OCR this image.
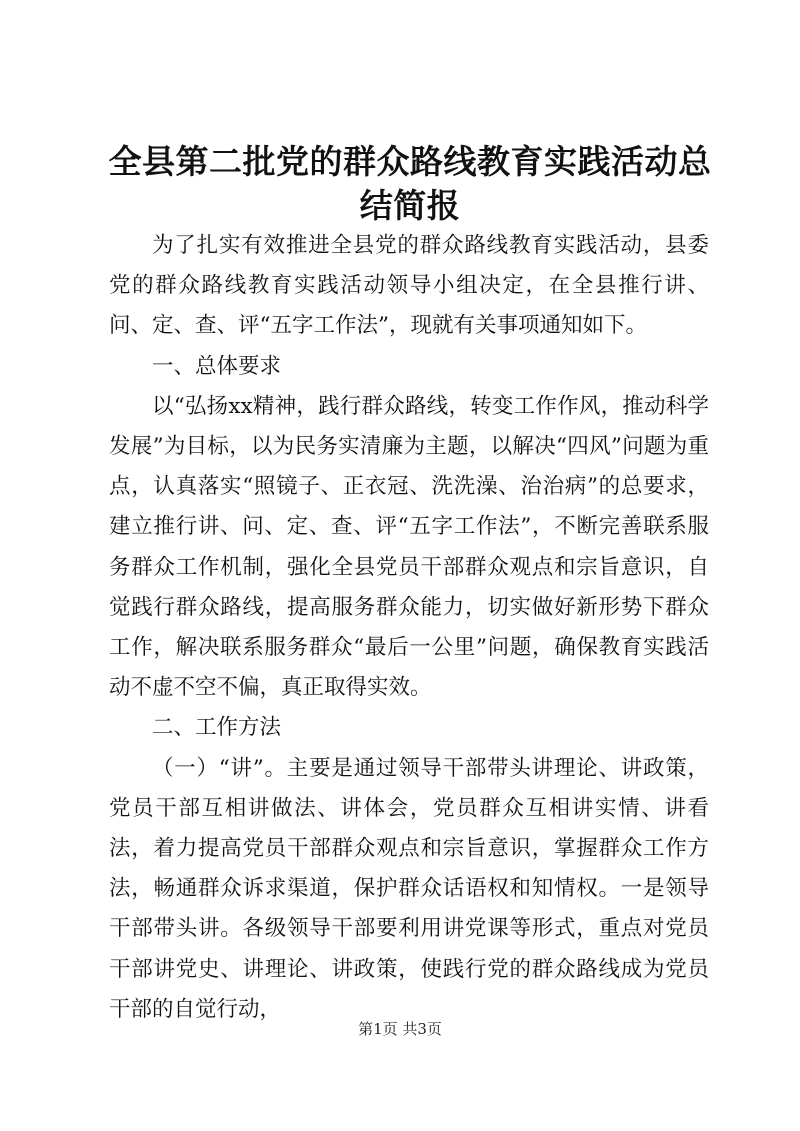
全县第二批党的群众路线教育实践活动总结简报

为了扎实有效推进全县党的群众路线教育实践活动，县委党的群众路线教育实践活动领导小组决定，在全县推行讲、问、定、查、评“五字工作法”，现就有关事项通知如下。

一、总体要求

以“弘扬xx精神，践行群众路线，转变工作作风，推动科学发展”为目标，以为民务实清廉为主题，以解决“四风”问题为重点，认真落实“照镜子、正衣冠、洗洗澡、治治病”的总要求，建立推行讲、问、定、查、评“五字工作法”，不断完善联系服务群众工作机制，强化全县党员干部群众观点和宗旨意识，自觉践行群众路线，提高服务群众能力，切实做好新形势下群众工作，解决联系服务群众“最后一公里”问题，确保教育实践活动不虚不空不偏，真正取得实效。

二、工作方法

（一）“讲”。主要是通过领导干部带头讲理论、讲政策，党员干部互相讲做法、讲体会，党员群众互相讲实情、讲看法，着力提高党员干部群众观点和宗旨意识，掌握群众工作方法，畅通群众诉求渠道，保护群众话语权和知情权。一是领导干部带头讲。各级领导干部要利用讲党课等形式，重点对党员干部讲党史、讲理论、讲政策，使践行党的群众路线成为党员干部的自觉行动，

第1页 共3页
